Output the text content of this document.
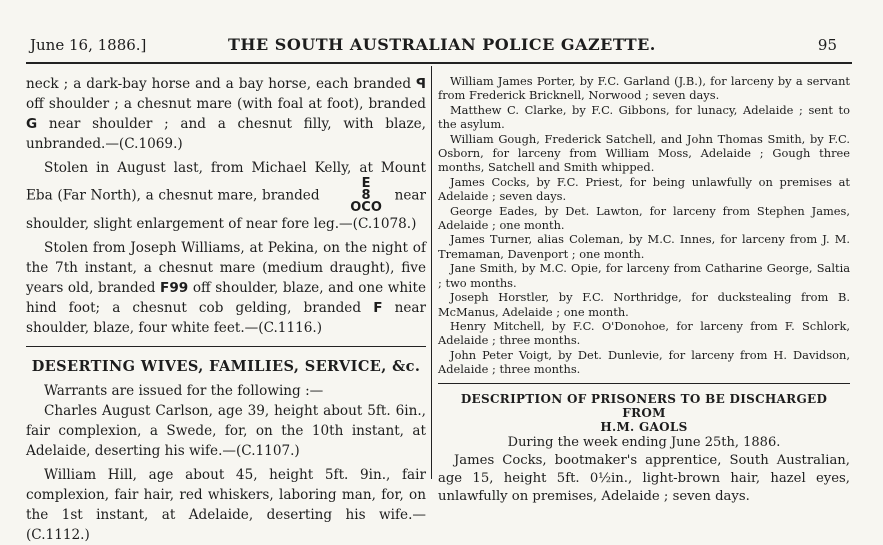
June 16, 1886.]	THE SOUTH AUSTRALIAN POLICE GAZETTE.	95

neck ; a dark-bay horse and a bay horse, each branded ꟼ off shoulder ; a chesnut mare (with foal at foot), branded G near shoulder ; and a chesnut filly, with blaze, unbranded.—(C.1069.)

Stolen in August last, from Michael Kelly, at Mount Eba (Far North), a chesnut mare, branded
E
8
OCO
near shoulder, slight enlargement of near fore leg.—(C.1078.)

Stolen from Joseph Williams, at Pekina, on the night of the 7th instant, a chesnut mare (medium draught), five years old, branded F99 off shoulder, blaze, and one white hind foot; a chesnut cob gelding, branded F near shoulder, blaze, four white feet.—(C.1116.)

DESERTING WIVES, FAMILIES, SERVICE, &c.

Warrants are issued for the following :—

Charles August Carlson, age 39, height about 5ft. 6in., fair complexion, a Swede, for, on the 10th instant, at Adelaide, deserting his wife.—(C.1107.)

William Hill, age about 45, height 5ft. 9in., fair complexion, fair hair, red whiskers, laboring man, for, on the 1st instant, at Adelaide, deserting his wife.—(C.1112.)

William James Porter, by F.C. Garland (J.B.), for larceny by a servant from Frederick Bricknell, Norwood ; seven days.

Matthew C. Clarke, by F.C. Gibbons, for lunacy, Adelaide ; sent to the asylum.

William Gough, Frederick Satchell, and John Thomas Smith, by F.C. Osborn, for larceny from William Moss, Adelaide ; Gough three months, Satchell and Smith whipped.

James Cocks, by F.C. Priest, for being unlawfully on premises at Adelaide ; seven days.

George Eades, by Det. Lawton, for larceny from Stephen James, Adelaide ; one month.

James Turner, alias Coleman, by M.C. Innes, for larceny from J. M. Tremaman, Davenport ; one month.

Jane Smith, by M.C. Opie, for larceny from Catharine George, Saltia ; two months.

Joseph Horstler, by F.C. Northridge, for duckstealing from B. McManus, Adelaide ; one month.

Henry Mitchell, by F.C. O'Donohoe, for larceny from F. Schlork, Adelaide ; three months.

John Peter Voigt, by Det. Dunlevie, for larceny from H. Davidson, Adelaide ; three months.

DESCRIPTION OF PRISONERS TO BE DISCHARGED FROM
H.M. GAOLS

During the week ending June 25th, 1886.

James Cocks, bootmaker's apprentice, South Australian, age 15, height 5ft. 0½in., light-brown hair, hazel eyes, unlawfully on premises, Adelaide ; seven days.
